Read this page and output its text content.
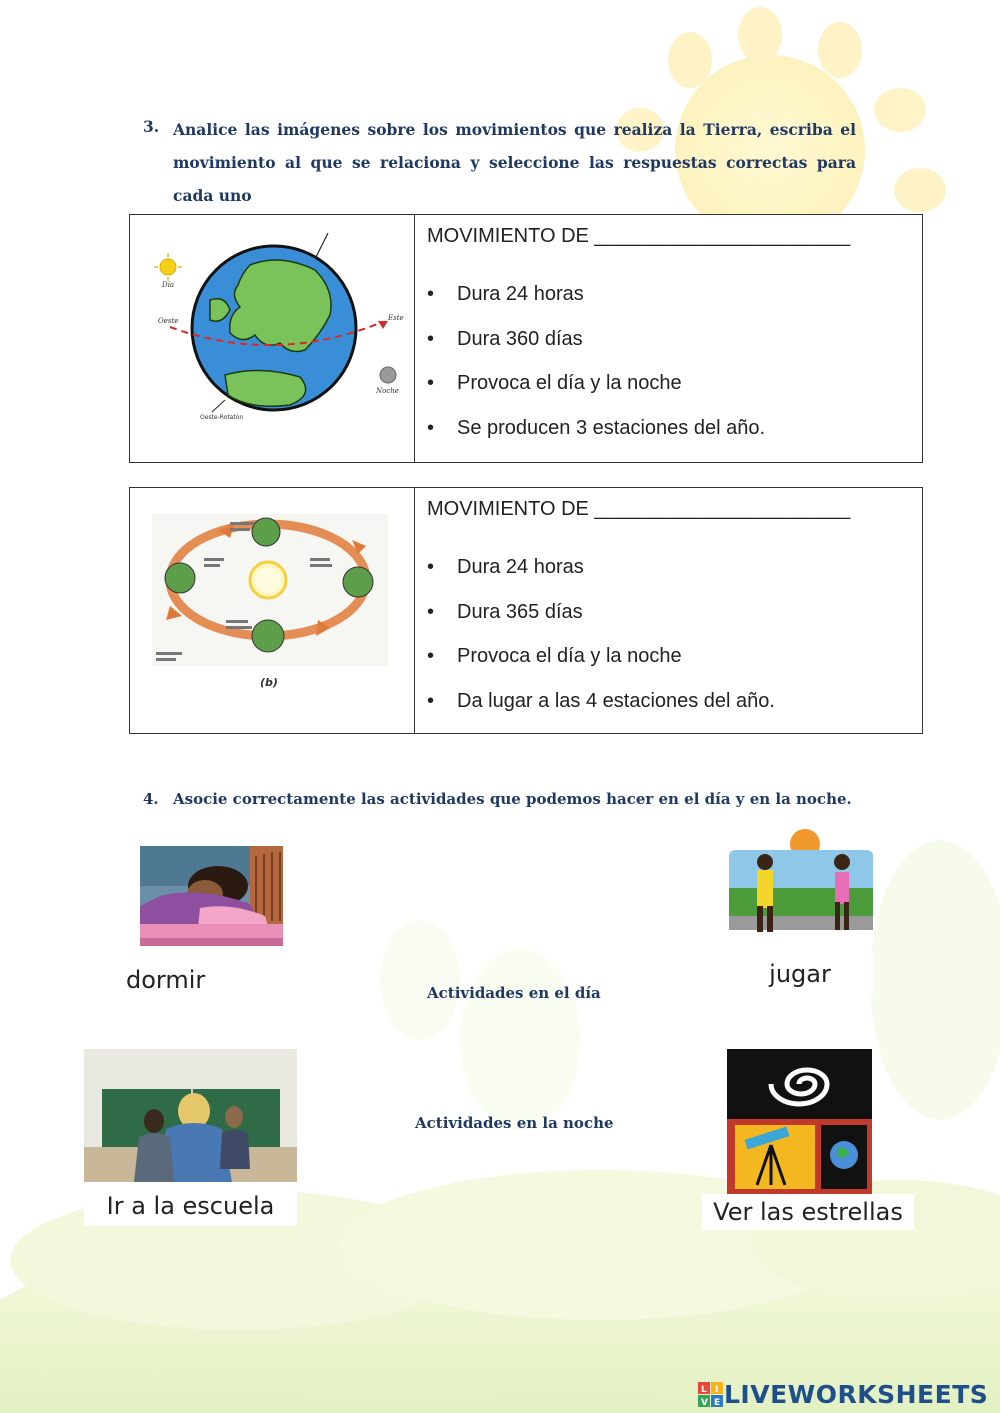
3. Analice las imágenes sobre los movimientos que realiza la Tierra, escriba el movimiento al que se relaciona y seleccione las respuestas correctas para cada uno
Día
Oeste	Este
Noche
Oeste-Rotatón
MOVIMIENTO DE _______________________
•	Dura 24 horas
•	Dura 360 días
•	Provoca el día y la noche
•	Se producen 3 estaciones del año.
(b)
MOVIMIENTO DE _______________________
•	Dura 24 horas
•	Dura 365 días
•	Provoca el día y la noche
•	Da lugar a las 4 estaciones del año.
4. Asocie correctamente las actividades que podemos hacer en el día y en la noche.
dormir	jugar
Actividades en el día
Actividades en la noche
Ir a la escuela	Ver las estrellas
L I
V E LIVEWORKSHEETS
